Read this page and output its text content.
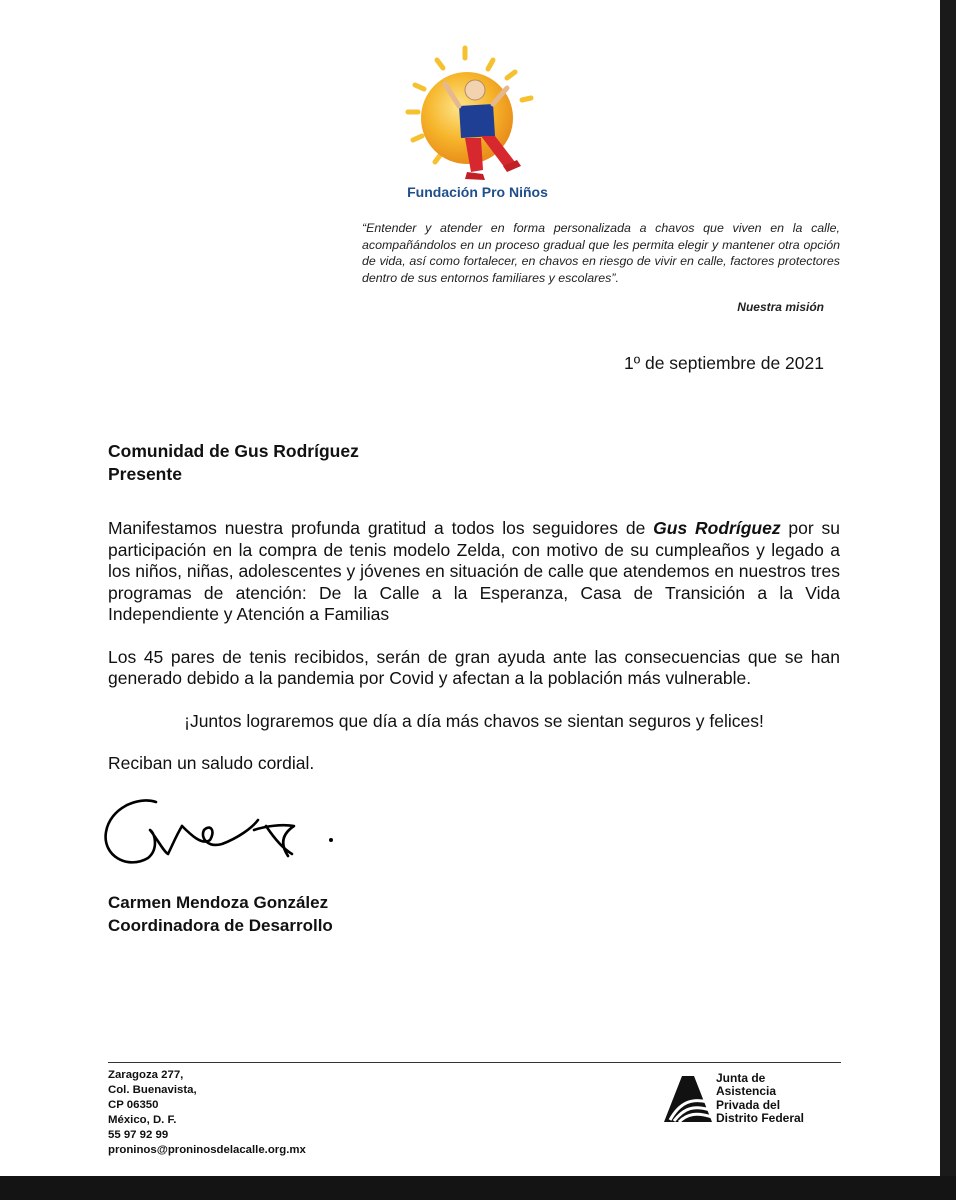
Fundación Pro Niños

“Entender y atender en forma personalizada a chavos que viven en la calle, acompañándolos en un proceso gradual que les permita elegir y mantener otra opción de vida, así como fortalecer, en chavos en riesgo de vivir en calle, factores protectores dentro de sus entornos familiares y escolares”.

Nuestra misión

1º de septiembre de 2021

Comunidad de Gus Rodríguez
Presente

Manifestamos nuestra profunda gratitud a todos los seguidores de Gus Rodríguez por su participación en la compra de tenis modelo Zelda, con motivo de su cumpleaños y legado a los niños, niñas, adolescentes y jóvenes en situación de calle que atendemos en nuestros tres programas de atención: De la Calle a la Esperanza, Casa de Transición a la Vida Independiente y Atención a Familias

Los 45 pares de tenis recibidos, serán de gran ayuda ante las consecuencias que se han generado debido a la pandemia por Covid y afectan a la población más vulnerable.

¡Juntos lograremos que día a día más chavos se sientan seguros y felices!

Reciban un saludo cordial.

Carmen Mendoza González
Coordinadora de Desarrollo
Zaragoza 277,
Col. Buenavista,
CP 06350
México, D. F.
55 97 92 99
proninos@proninosdelacalle.org.mx
Junta de
Asistencia
Privada del
Distrito Federal
